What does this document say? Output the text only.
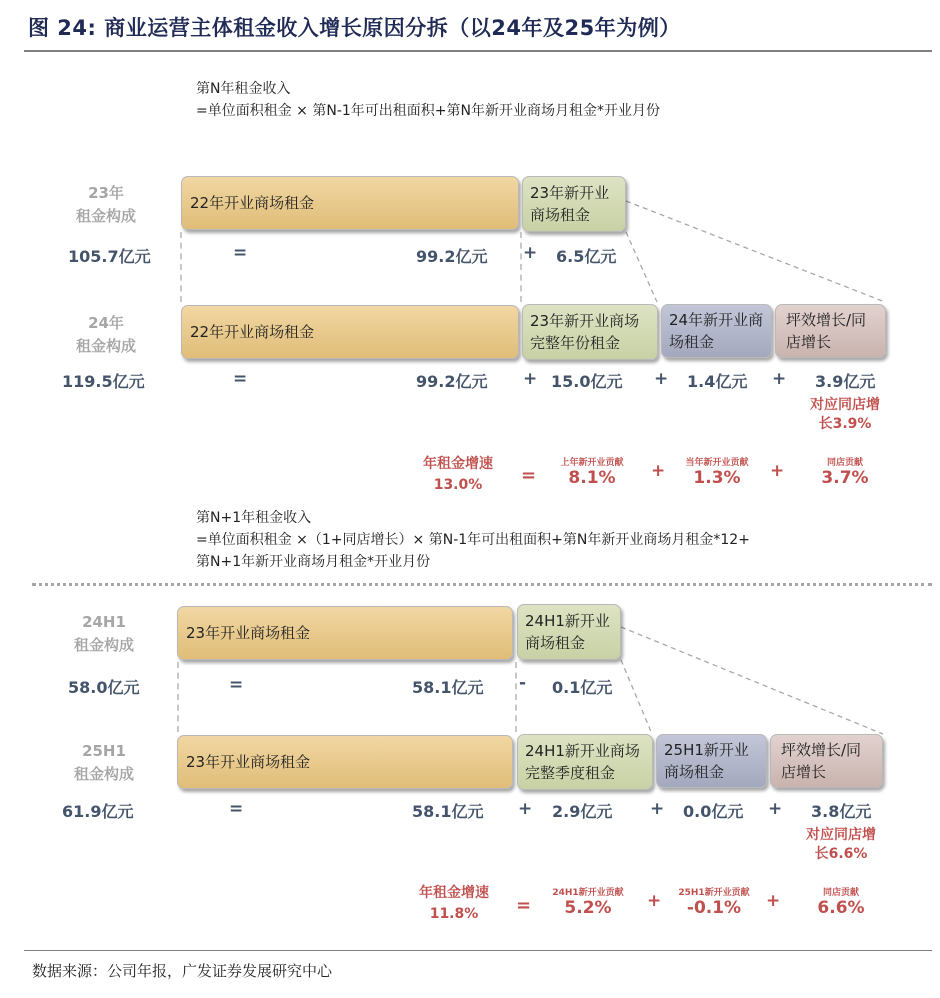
图 24: 商业运营主体租金收入增长原因分拆（以24年及25年为例）
第N年租金收入
=单位面积租金 × 第N-1年可出租面积+第N年新开业商场月租金*开业月份
23年
租金构成
22年开业商场租金
23年新开业商场租金
105.7亿元	=	99.2亿元 + 6.5亿元
24年
租金构成
22年开业商场租金
23年新开业商场完整年份租金
24年新开业商场租金
坪效增长/同店增长
119.5亿元	=	99.2亿元 + 15.0亿元 + 1.4亿元 + 3.9亿元
对应同店增长3.9%
年租金增速
13.0%	=
上年新开业贡献
8.1%	+	当年新开业贡献
1.3%	+	同店贡献
3.7%
第N+1年租金收入
=单位面积租金 ×（1+同店增长）× 第N-1年可出租面积+第N年新开业商场月租金*12+
第N+1年新开业商场月租金*开业月份
24H1
租金构成
23年开业商场租金
24H1新开业商场租金
58.0亿元	=	58.1亿元 - 0.1亿元
25H1
租金构成
23年开业商场租金
24H1新开业商场完整季度租金
25H1新开业商场租金
坪效增长/同店增长
61.9亿元	=	58.1亿元 + 2.9亿元 + 0.0亿元 + 3.8亿元
对应同店增长6.6%
年租金增速
11.8%	=
24H1新开业贡献
5.2%	+	25H1新开业贡献
-0.1%	+	同店贡献
6.6%
数据来源：公司年报，广发证券发展研究中心
